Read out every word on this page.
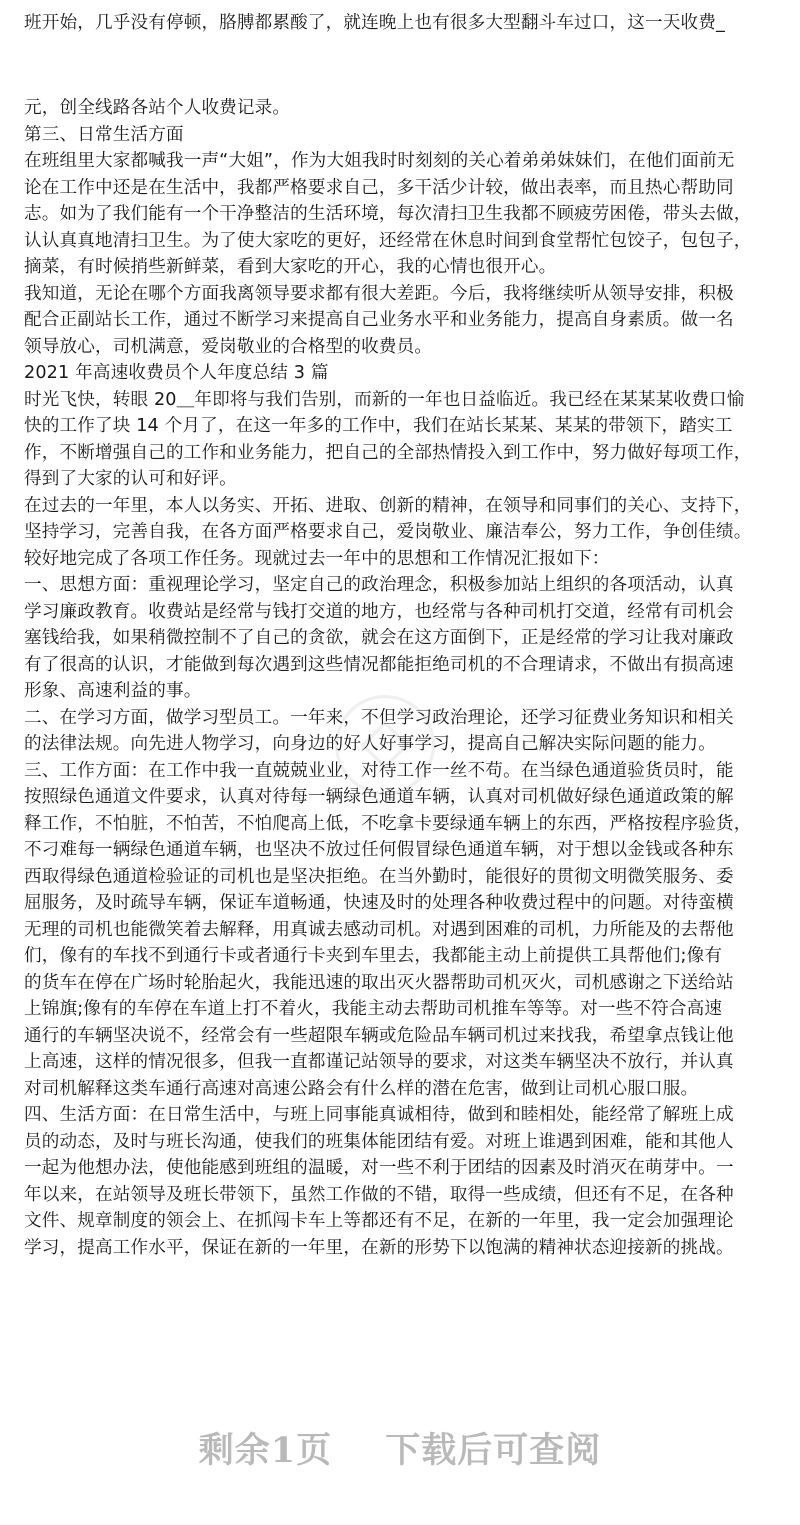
班开始，几乎没有停顿，胳膊都累酸了，就连晚上也有很多大型翻斗车过口，这一天收费_
元，创全线路各站个人收费记录。
第三、日常生活方面
在班组里大家都喊我一声“大姐”，作为大姐我时时刻刻的关心着弟弟妹妹们，在他们面前无
论在工作中还是在生活中，我都严格要求自己，多干活少计较，做出表率，而且热心帮助同
志。如为了我们能有一个干净整洁的生活环境，每次清扫卫生我都不顾疲劳困倦，带头去做，
认认真真地清扫卫生。为了使大家吃的更好，还经常在休息时间到食堂帮忙包饺子，包包子，
摘菜，有时候捎些新鲜菜，看到大家吃的开心，我的心情也很开心。
我知道，无论在哪个方面我离领导要求都有很大差距。今后，我将继续听从领导安排，积极
配合正副站长工作，通过不断学习来提高自己业务水平和业务能力，提高自身素质。做一名
领导放心，司机满意，爱岗敬业的合格型的收费员。
2021 年高速收费员个人年度总结 3 篇
时光飞快，转眼 20＿年即将与我们告别，而新的一年也日益临近。我已经在某某某收费口愉
快的工作了块 14 个月了，在这一年多的工作中，我们在站长某某、某某的带领下，踏实工
作，不断增强自己的工作和业务能力，把自己的全部热情投入到工作中，努力做好每项工作，
得到了大家的认可和好评。
在过去的一年里，本人以务实、开拓、进取、创新的精神，在领导和同事们的关心、支持下，
坚持学习，完善自我，在各方面严格要求自己，爱岗敬业、廉洁奉公，努力工作，争创佳绩。
较好地完成了各项工作任务。现就过去一年中的思想和工作情况汇报如下：
一、思想方面：重视理论学习，坚定自己的政治理念，积极参加站上组织的各项活动，认真
学习廉政教育。收费站是经常与钱打交道的地方，也经常与各种司机打交道，经常有司机会
塞钱给我，如果稍微控制不了自己的贪欲，就会在这方面倒下，正是经常的学习让我对廉政
有了很高的认识，才能做到每次遇到这些情况都能拒绝司机的不合理请求，不做出有损高速
形象、高速利益的事。
二、在学习方面，做学习型员工。一年来，不但学习政治理论，还学习征费业务知识和相关
的法律法规。向先进人物学习，向身边的好人好事学习，提高自己解决实际问题的能力。
三、工作方面：在工作中我一直兢兢业业，对待工作一丝不苟。在当绿色通道验货员时，能
按照绿色通道文件要求，认真对待每一辆绿色通道车辆，认真对司机做好绿色通道政策的解
释工作，不怕脏，不怕苦，不怕爬高上低，不吃拿卡要绿通车辆上的东西，严格按程序验货，
不刁难每一辆绿色通道车辆，也坚决不放过任何假冒绿色通道车辆，对于想以金钱或各种东
西取得绿色通道检验证的司机也是坚决拒绝。在当外勤时，能很好的贯彻文明微笑服务、委
屈服务，及时疏导车辆，保证车道畅通，快速及时的处理各种收费过程中的问题。对待蛮横
无理的司机也能微笑着去解释，用真诚去感动司机。对遇到困难的司机，力所能及的去帮他
们，像有的车找不到通行卡或者通行卡夹到车里去，我都能主动上前提供工具帮他们;像有
的货车在停在广场时轮胎起火，我能迅速的取出灭火器帮助司机灭火，司机感谢之下送给站
上锦旗;像有的车停在车道上打不着火，我能主动去帮助司机推车等等。对一些不符合高速
通行的车辆坚决说不，经常会有一些超限车辆或危险品车辆司机过来找我，希望拿点钱让他
上高速，这样的情况很多，但我一直都谨记站领导的要求，对这类车辆坚决不放行，并认真
对司机解释这类车通行高速对高速公路会有什么样的潜在危害，做到让司机心服口服。
四、生活方面：在日常生活中，与班上同事能真诚相待，做到和睦相处，能经常了解班上成
员的动态，及时与班长沟通，使我们的班集体能团结有爱。对班上谁遇到困难，能和其他人
一起为他想办法，使他能感到班组的温暖，对一些不利于团结的因素及时消灭在萌芽中。一
年以来，在站领导及班长带领下，虽然工作做的不错，取得一些成绩，但还有不足，在各种
文件、规章制度的领会上、在抓闯卡车上等都还有不足，在新的一年里，我一定会加强理论
学习，提高工作水平，保证在新的一年里，在新的形势下以饱满的精神状态迎接新的挑战。
剩余1页 下载后可查阅
